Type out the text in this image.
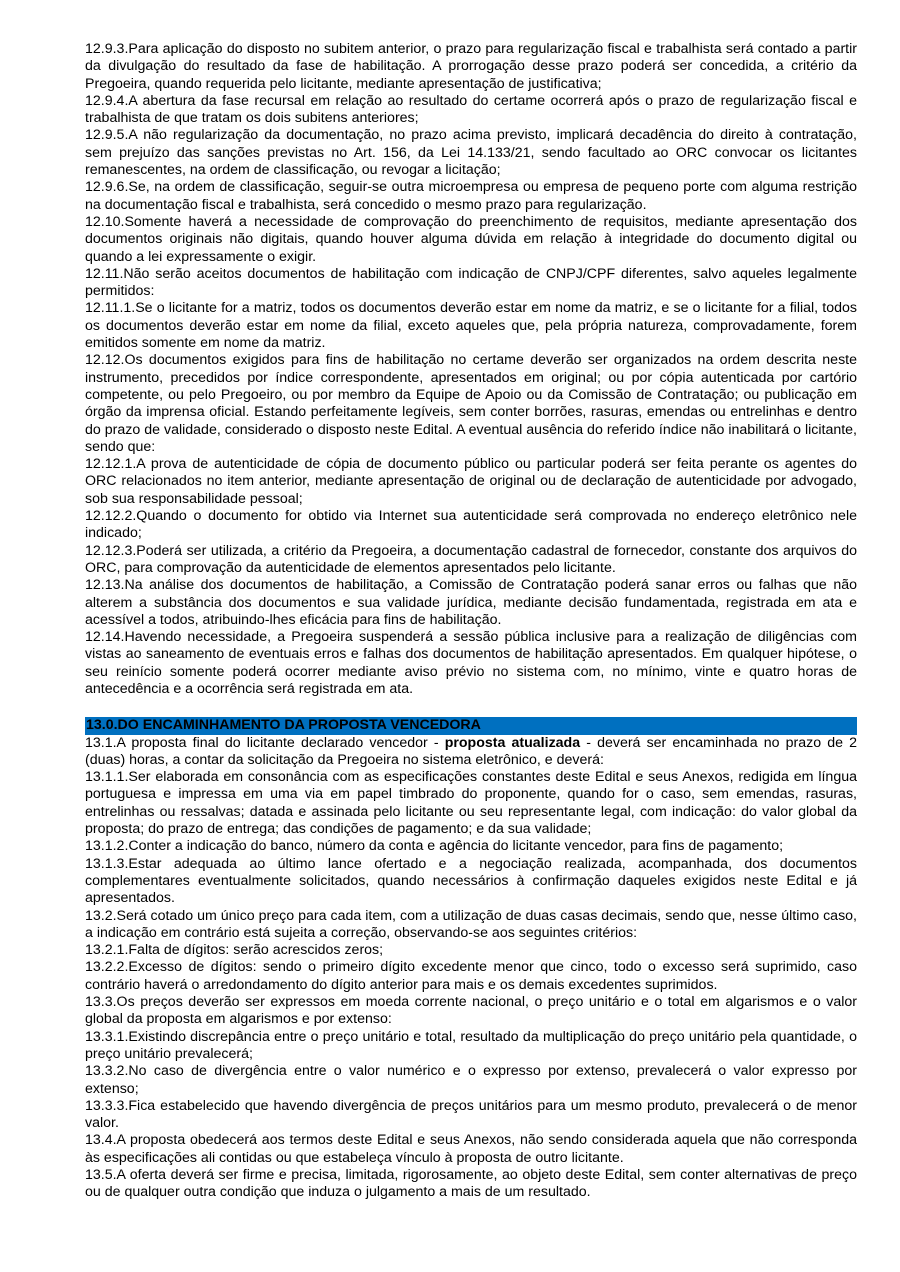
12.9.3.Para aplicação do disposto no subitem anterior, o prazo para regularização fiscal e trabalhista será contado a partir da divulgação do resultado da fase de habilitação. A prorrogação desse prazo poderá ser concedida, a critério da Pregoeira, quando requerida pelo licitante, mediante apresentação de justificativa;

12.9.4.A abertura da fase recursal em relação ao resultado do certame ocorrerá após o prazo de regularização fiscal e trabalhista de que tratam os dois subitens anteriores;

12.9.5.A não regularização da documentação, no prazo acima previsto, implicará decadência do direito à contratação, sem prejuízo das sanções previstas no Art. 156, da Lei 14.133/21, sendo facultado ao ORC convocar os licitantes remanescentes, na ordem de classificação, ou revogar a licitação;

12.9.6.Se, na ordem de classificação, seguir-se outra microempresa ou empresa de pequeno porte com alguma restrição na documentação fiscal e trabalhista, será concedido o mesmo prazo para regularização.

12.10.Somente haverá a necessidade de comprovação do preenchimento de requisitos, mediante apresentação dos documentos originais não digitais, quando houver alguma dúvida em relação à integridade do documento digital ou quando a lei expressamente o exigir.

12.11.Não serão aceitos documentos de habilitação com indicação de CNPJ/CPF diferentes, salvo aqueles legalmente permitidos:

12.11.1.Se o licitante for a matriz, todos os documentos deverão estar em nome da matriz, e se o licitante for a filial, todos os documentos deverão estar em nome da filial, exceto aqueles que, pela própria natureza, comprovadamente, forem emitidos somente em nome da matriz.

12.12.Os documentos exigidos para fins de habilitação no certame deverão ser organizados na ordem descrita neste instrumento, precedidos por índice correspondente, apresentados em original; ou por cópia autenticada por cartório competente, ou pelo Pregoeiro, ou por membro da Equipe de Apoio ou da Comissão de Contratação; ou publicação em órgão da imprensa oficial. Estando perfeitamente legíveis, sem conter borrões, rasuras, emendas ou entrelinhas e dentro do prazo de validade, considerado o disposto neste Edital. A eventual ausência do referido índice não inabilitará o licitante, sendo que:

12.12.1.A prova de autenticidade de cópia de documento público ou particular poderá ser feita perante os agentes do ORC relacionados no item anterior, mediante apresentação de original ou de declaração de autenticidade por advogado, sob sua responsabilidade pessoal;

12.12.2.Quando o documento for obtido via Internet sua autenticidade será comprovada no endereço eletrônico nele indicado;

12.12.3.Poderá ser utilizada, a critério da Pregoeira, a documentação cadastral de fornecedor, constante dos arquivos do ORC, para comprovação da autenticidade de elementos apresentados pelo licitante.

12.13.Na análise dos documentos de habilitação, a Comissão de Contratação poderá sanar erros ou falhas que não alterem a substância dos documentos e sua validade jurídica, mediante decisão fundamentada, registrada em ata e acessível a todos, atribuindo-lhes eficácia para fins de habilitação.

12.14.Havendo necessidade, a Pregoeira suspenderá a sessão pública inclusive para a realização de diligências com vistas ao saneamento de eventuais erros e falhas dos documentos de habilitação apresentados. Em qualquer hipótese, o seu reinício somente poderá ocorrer mediante aviso prévio no sistema com, no mínimo, vinte e quatro horas de antecedência e a ocorrência será registrada em ata.

13.0.DO ENCAMINHAMENTO DA PROPOSTA VENCEDORA

13.1.A proposta final do licitante declarado vencedor - proposta atualizada - deverá ser encaminhada no prazo de 2 (duas) horas, a contar da solicitação da Pregoeira no sistema eletrônico, e deverá:

13.1.1.Ser elaborada em consonância com as especificações constantes deste Edital e seus Anexos, redigida em língua portuguesa e impressa em uma via em papel timbrado do proponente, quando for o caso, sem emendas, rasuras, entrelinhas ou ressalvas; datada e assinada pelo licitante ou seu representante legal, com indicação: do valor global da proposta; do prazo de entrega; das condições de pagamento; e da sua validade;

13.1.2.Conter a indicação do banco, número da conta e agência do licitante vencedor, para fins de pagamento;

13.1.3.Estar adequada ao último lance ofertado e a negociação realizada, acompanhada, dos documentos complementares eventualmente solicitados, quando necessários à confirmação daqueles exigidos neste Edital e já apresentados.

13.2.Será cotado um único preço para cada item, com a utilização de duas casas decimais, sendo que, nesse último caso, a indicação em contrário está sujeita a correção, observando-se aos seguintes critérios:

13.2.1.Falta de dígitos: serão acrescidos zeros;

13.2.2.Excesso de dígitos: sendo o primeiro dígito excedente menor que cinco, todo o excesso será suprimido, caso contrário haverá o arredondamento do dígito anterior para mais e os demais excedentes suprimidos.

13.3.Os preços deverão ser expressos em moeda corrente nacional, o preço unitário e o total em algarismos e o valor global da proposta em algarismos e por extenso:

13.3.1.Existindo discrepância entre o preço unitário e total, resultado da multiplicação do preço unitário pela quantidade, o preço unitário prevalecerá;

13.3.2.No caso de divergência entre o valor numérico e o expresso por extenso, prevalecerá o valor expresso por extenso;

13.3.3.Fica estabelecido que havendo divergência de preços unitários para um mesmo produto, prevalecerá o de menor valor.

13.4.A proposta obedecerá aos termos deste Edital e seus Anexos, não sendo considerada aquela que não corresponda às especificações ali contidas ou que estabeleça vínculo à proposta de outro licitante.

13.5.A oferta deverá ser firme e precisa, limitada, rigorosamente, ao objeto deste Edital, sem conter alternativas de preço ou de qualquer outra condição que induza o julgamento a mais de um resultado.
